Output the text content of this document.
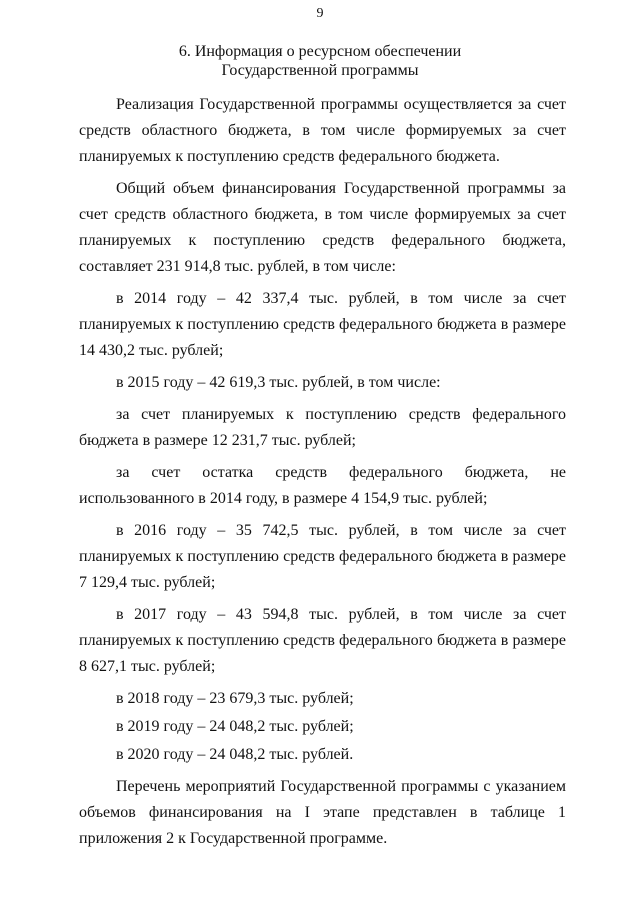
9
6. Информация о ресурсном обеспечении
Государственной программы

Реализация Государственной программы осуществляется за счет средств областного бюджета, в том числе формируемых за счет планируемых к поступлению средств федерального бюджета.

Общий объем финансирования Государственной программы за счет средств областного бюджета, в том числе формируемых за счет планируемых к поступлению средств федерального бюджета, составляет 231 914,8 тыс. рублей, в том числе:

в 2014 году – 42 337,4 тыс. рублей, в том числе за счет планируемых к поступлению средств федерального бюджета в размере 14 430,2 тыс. рублей;

в 2015 году – 42 619,3 тыс. рублей, в том числе:

за счет планируемых к поступлению средств федерального бюджета в размере 12 231,7 тыс. рублей;

за счет остатка средств федерального бюджета, не использованного в 2014 году, в размере 4 154,9 тыс. рублей;

в 2016 году – 35 742,5 тыс. рублей, в том числе за счет планируемых к поступлению средств федерального бюджета в размере 7 129,4 тыс. рублей;

в 2017 году – 43 594,8 тыс. рублей, в том числе за счет планируемых к поступлению средств федерального бюджета в размере 8 627,1 тыс. рублей;

в 2018 году – 23 679,3 тыс. рублей;

в 2019 году – 24 048,2 тыс. рублей;

в 2020 году – 24 048,2 тыс. рублей.

Перечень мероприятий Государственной программы с указанием объемов финансирования на I этапе представлен в таблице 1 приложения 2 к Государственной программе.
